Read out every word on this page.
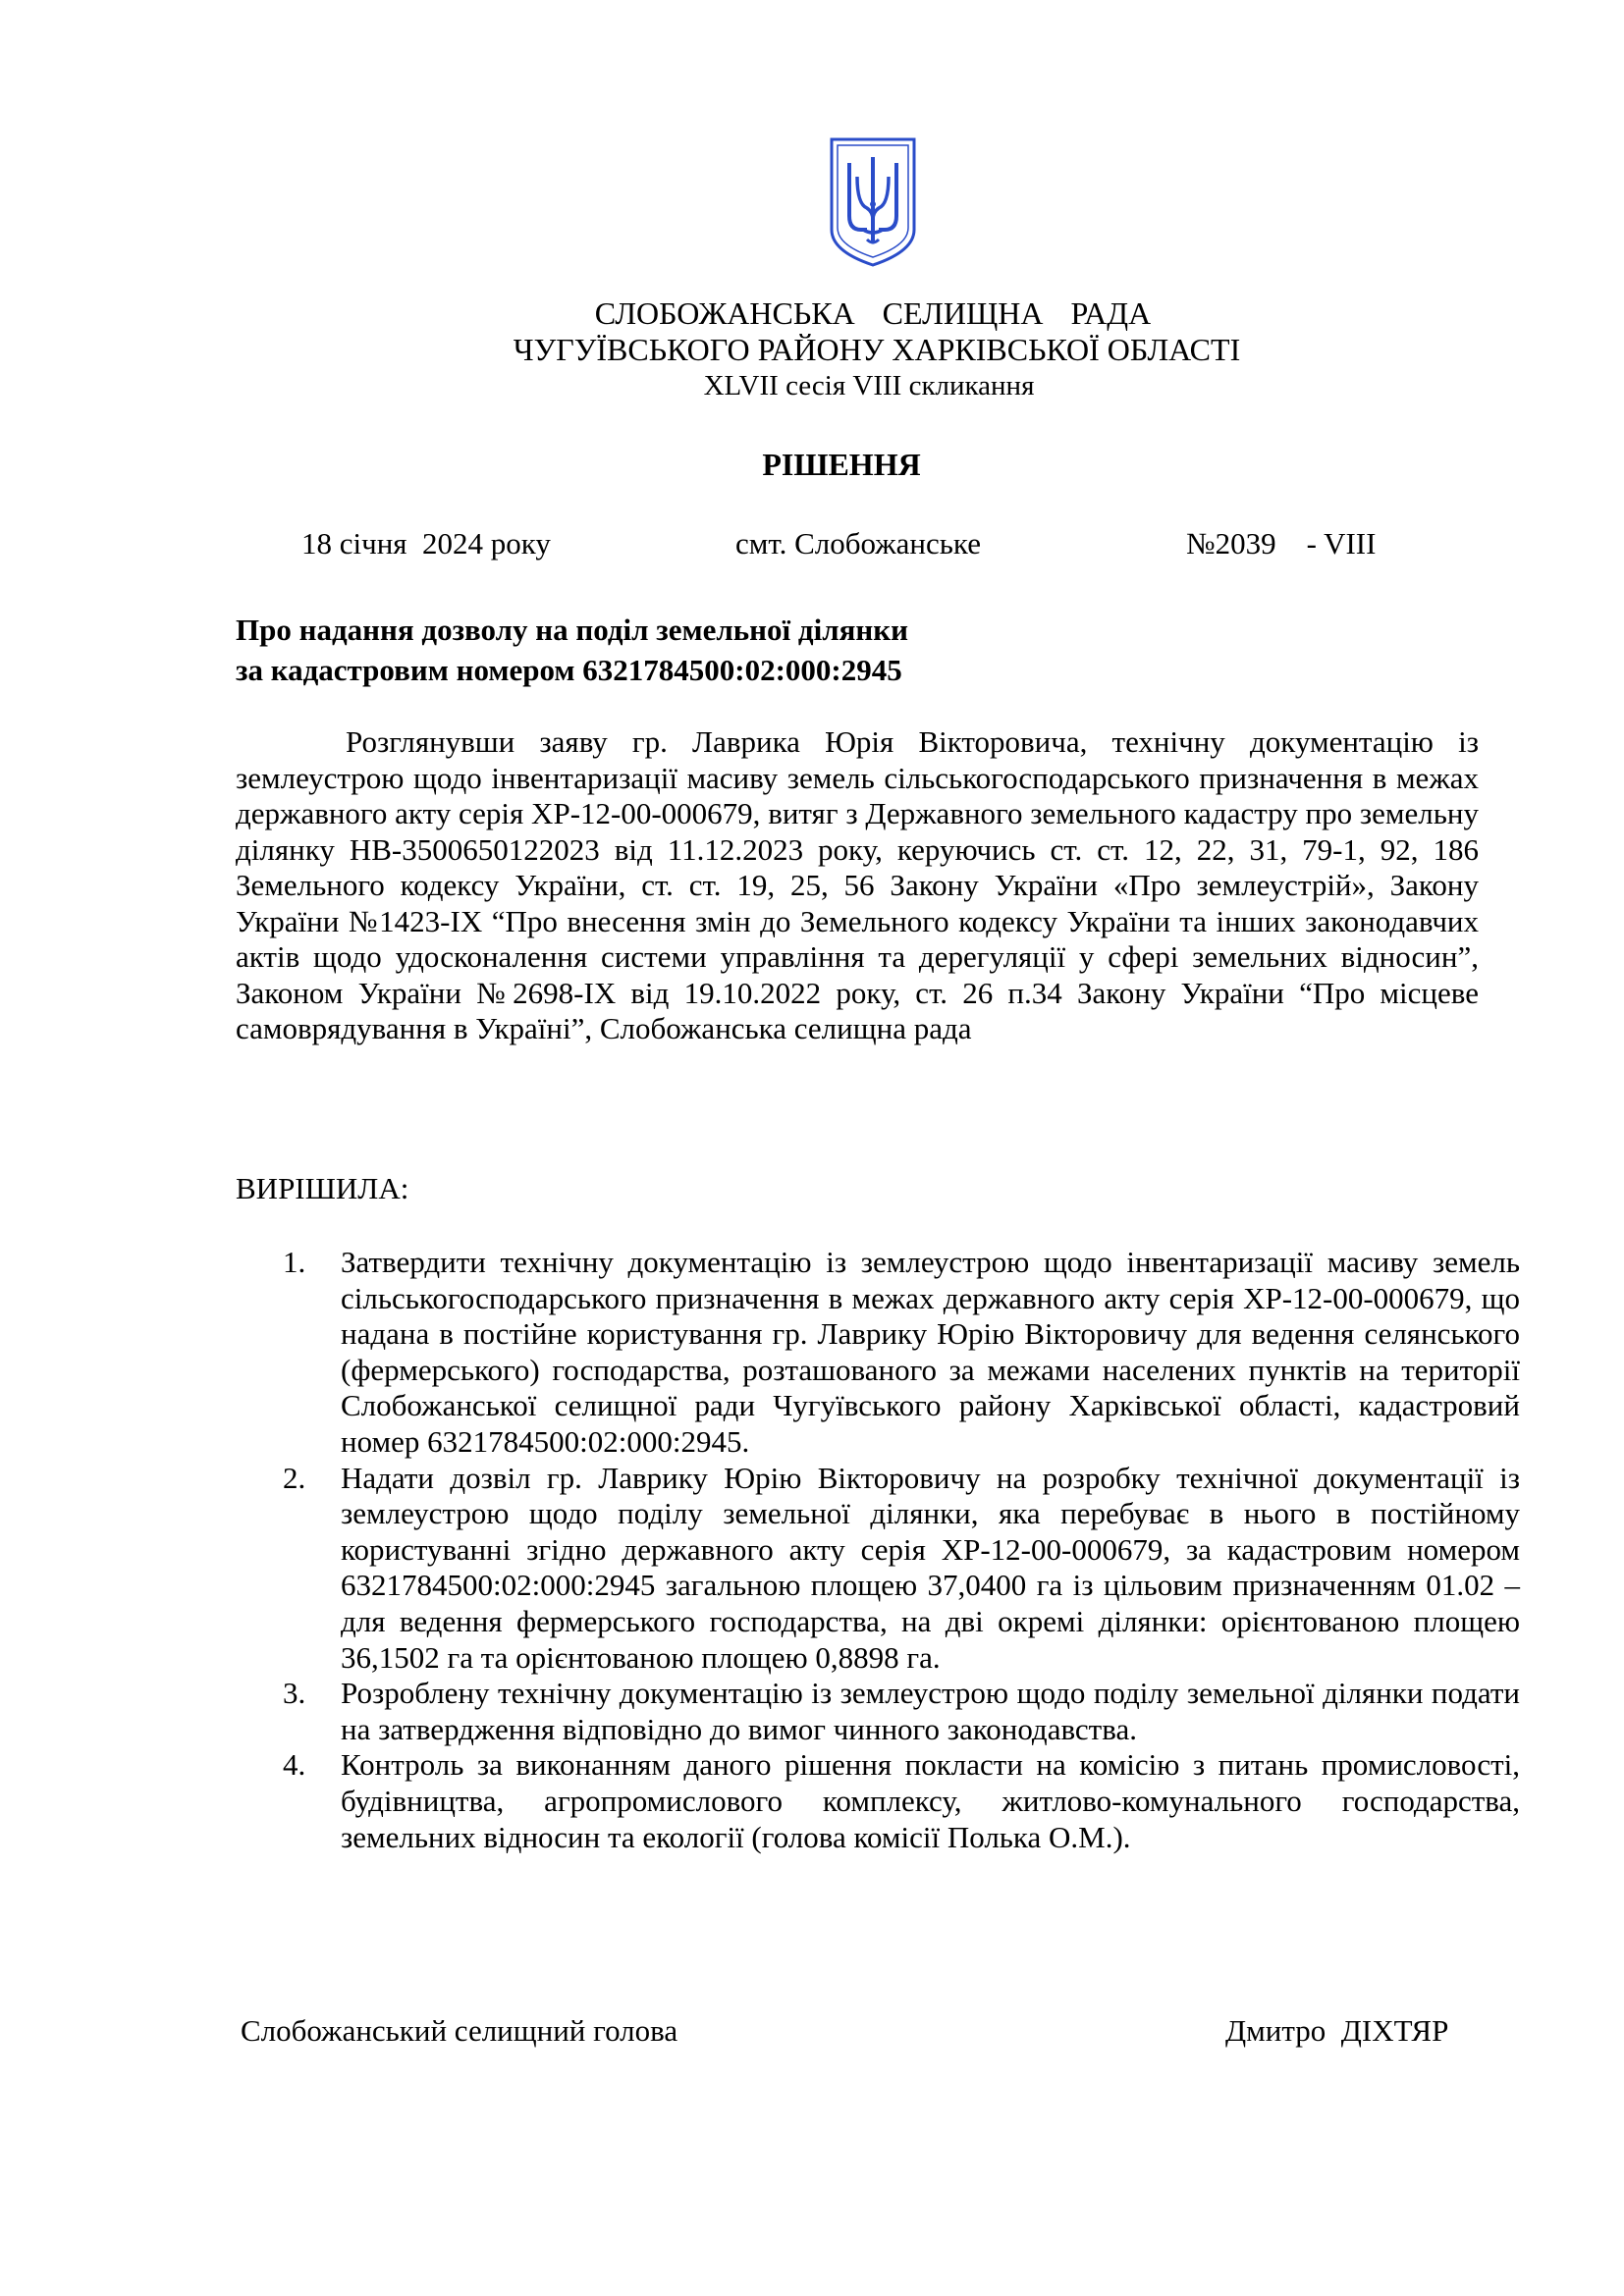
СЛОБОЖАНСЬКА  СЕЛИЩНА  РАДА
ЧУГУЇВСЬКОГО РАЙОНУ ХАРКІВСЬКОЇ ОБЛАСТІ
XLVII сесія VIII скликання
РІШЕННЯ
18 січня  2024 року	смт. Слобожанське	№2039    - VIII
Про надання дозволу на поділ земельної ділянки
за кадастровим номером 6321784500:02:000:2945

Розглянувши заяву гр. Лаврика Юрія Вікторовича, технічну документацію із землеустрою щодо інвентаризації масиву земель сільськогосподарського призначення в межах державного акту серія ХР-12-00-000679, витяг з Державного земельного кадастру про земельну ділянку НВ-3500650122023 від 11.12.2023 року, керуючись ст. ст. 12, 22, 31, 79-1, 92, 186 Земельного кодексу України, ст. ст. 19, 25, 56 Закону України «Про землеустрій», Закону України №1423-ІХ “Про внесення змін до Земельного кодексу України та інших законодавчих актів щодо удосконалення системи управління та дерегуляції у сфері земельних відносин”, Законом України №2698-ІХ від 19.10.2022 року, ст. 26 п.34 Закону України “Про місцеве самоврядування в Україні”, Слобожанська селищна рада

ВИРІШИЛА:
1. Затвердити технічну документацію із землеустрою щодо інвентаризації масиву земель сільськогосподарського призначення в межах державного акту серія ХР-12-00-000679, що надана в постійне користування гр. Лаврику Юрію Вікторовичу для ведення селянського (фермерського) господарства, розташованого за межами населених пунктів на території Слобожанської селищної ради Чугуївського району Харківської області, кадастровий номер 6321784500:02:000:2945.
2. Надати дозвіл гр. Лаврику Юрію Вікторовичу на розробку технічної документації із землеустрою щодо поділу земельної ділянки, яка перебуває в нього в постійному користуванні згідно державного акту серія ХР-12-00-000679, за кадастровим номером 6321784500:02:000:2945 загальною площею 37,0400 га із цільовим призначенням 01.02 – для ведення фермерського господарства, на дві окремі ділянки: орієнтованою площею 36,1502 га та орієнтованою площею 0,8898 га.
3. Розроблену технічну документацію із землеустрою щодо поділу земельної ділянки подати на затвердження відповідно до вимог чинного законодавства.
4. Контроль за виконанням даного рішення покласти на комісію з питань промисловості, будівництва, агропромислового комплексу, житлово-комунального господарства, земельних відносин та екології (голова комісії Полька О.М.).
Дмитро  ДІХТЯР
Слобожанський селищний голова
